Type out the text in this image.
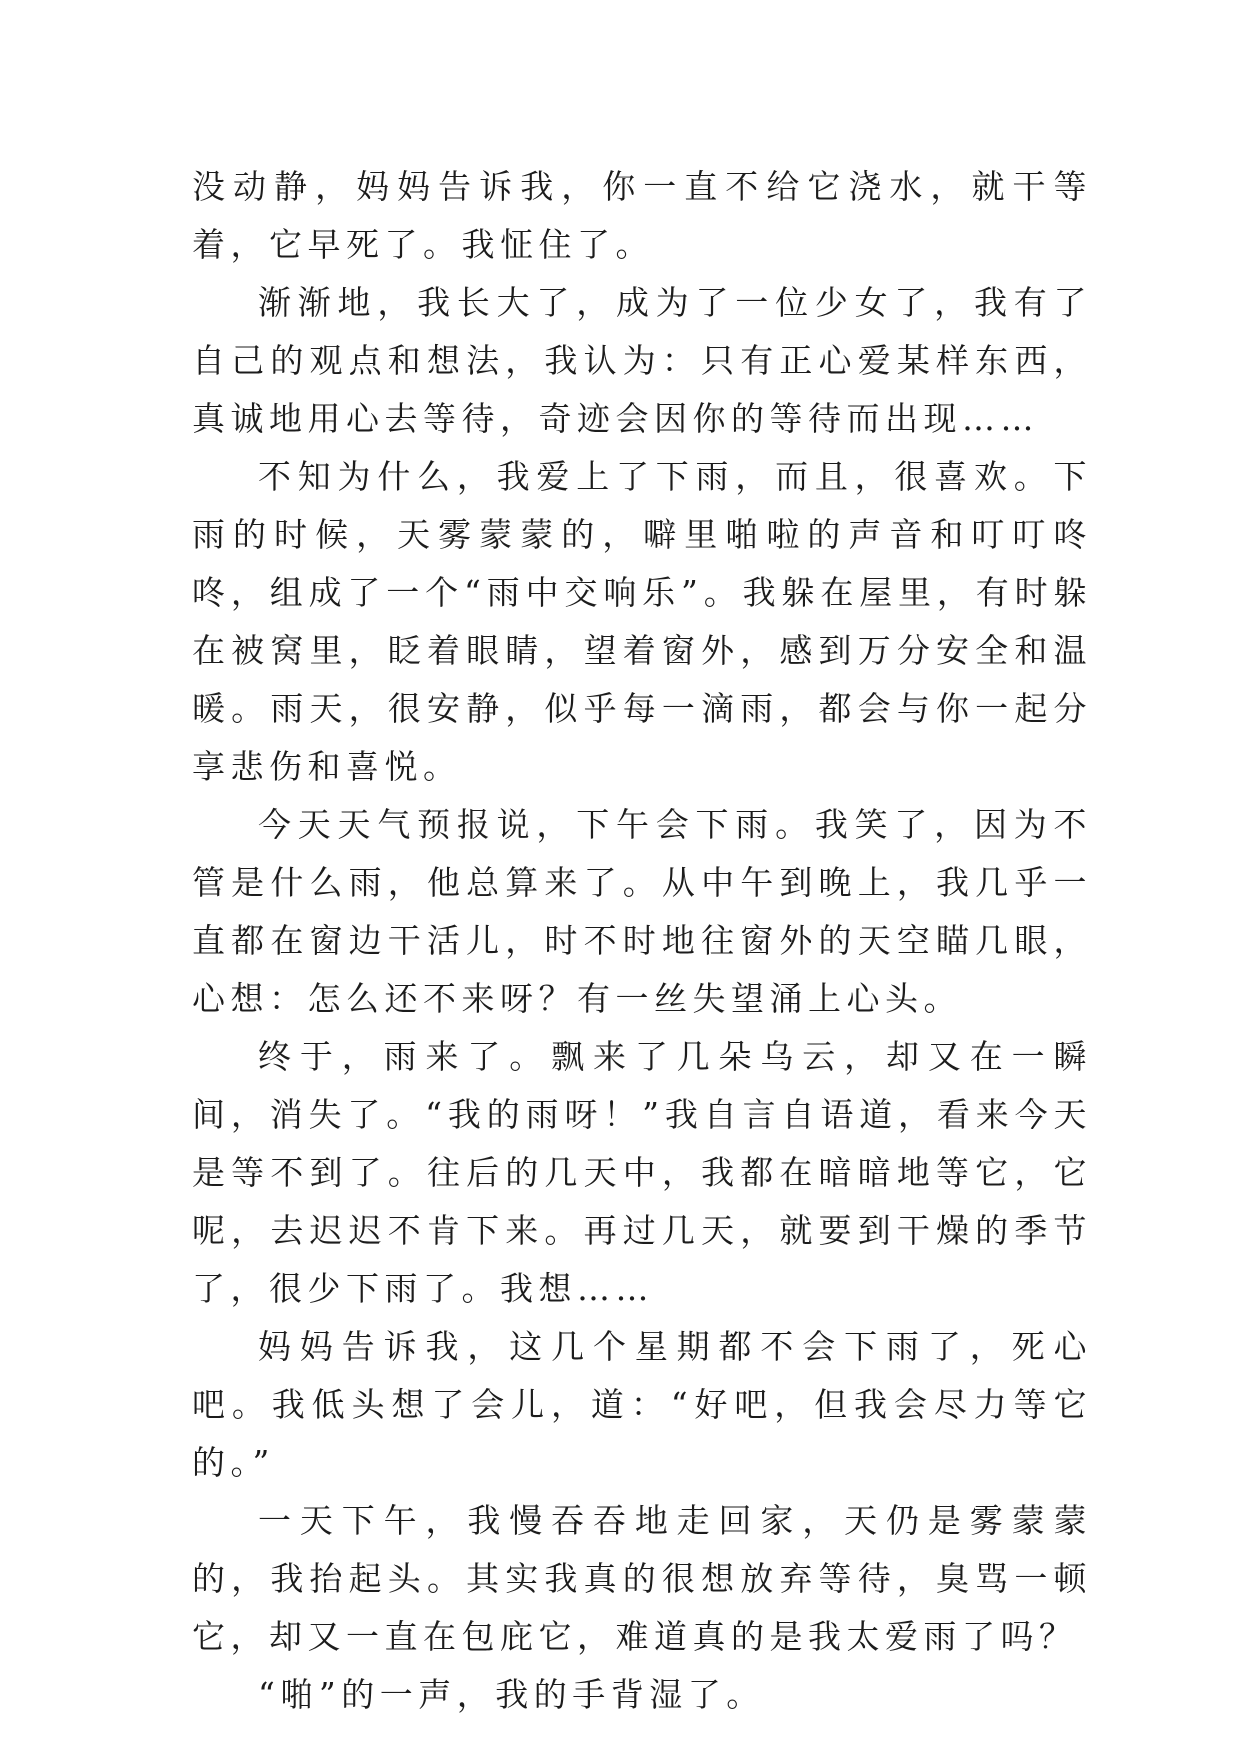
没动静，妈妈告诉我，你一直不给它浇水，就干等着，它早死了。我怔住了。

渐渐地，我长大了，成为了一位少女了，我有了自己的观点和想法，我认为：只有正心爱某样东西，真诚地用心去等待，奇迹会因你的等待而出现……

不知为什么，我爱上了下雨，而且，很喜欢。下雨的时候，天雾蒙蒙的，噼里啪啦的声音和叮叮咚咚，组成了一个“雨中交响乐”。我躲在屋里，有时躲在被窝里，眨着眼睛，望着窗外，感到万分安全和温暖。雨天，很安静，似乎每一滴雨，都会与你一起分享悲伤和喜悦。

今天天气预报说，下午会下雨。我笑了，因为不管是什么雨，他总算来了。从中午到晚上，我几乎一直都在窗边干活儿，时不时地往窗外的天空瞄几眼，心想：怎么还不来呀？有一丝失望涌上心头。

终于，雨来了。飘来了几朵乌云，却又在一瞬间，消失了。“我的雨呀！”我自言自语道，看来今天是等不到了。往后的几天中，我都在暗暗地等它，它呢，去迟迟不肯下来。再过几天，就要到干燥的季节了，很少下雨了。我想……

妈妈告诉我，这几个星期都不会下雨了，死心吧。我低头想了会儿，道：“好吧，但我会尽力等它的。”

一天下午，我慢吞吞地走回家，天仍是雾蒙蒙的，我抬起头。其实我真的很想放弃等待，臭骂一顿它，却又一直在包庇它，难道真的是我太爱雨了吗？

“啪”的一声，我的手背湿了。
